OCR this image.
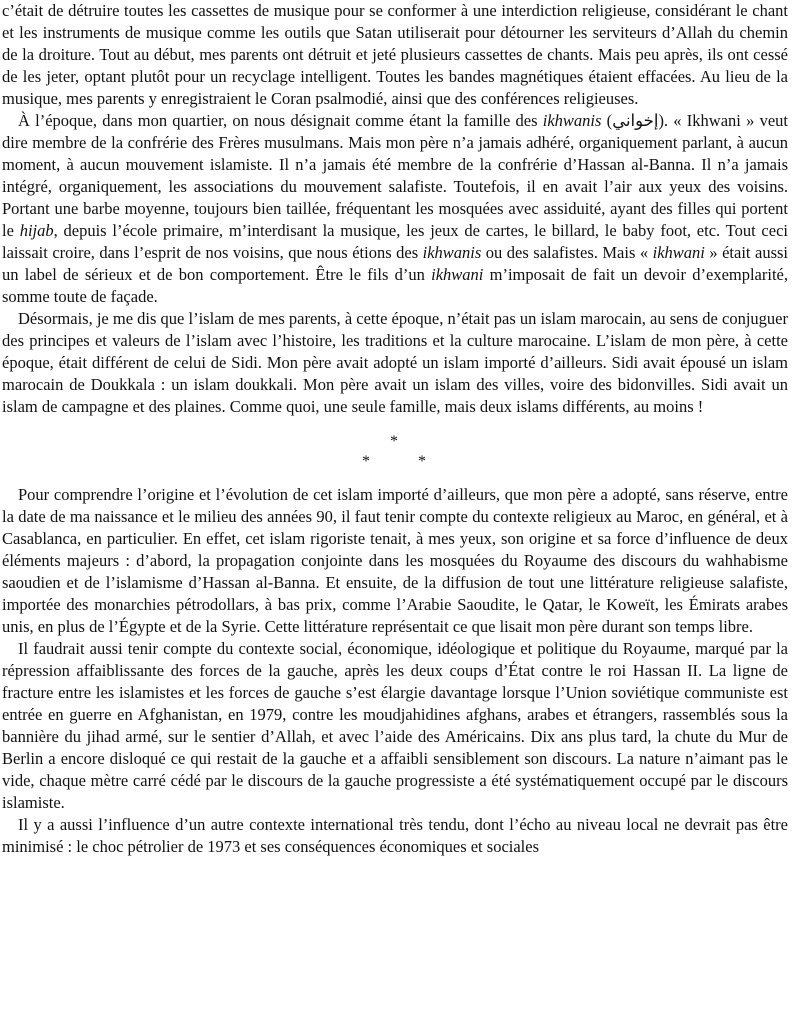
c’était de détruire toutes les cassettes de musique pour se conformer à une interdiction religieuse, considérant le chant et les instruments de musique comme les outils que Satan utiliserait pour détourner les serviteurs d’Allah du chemin de la droiture. Tout au début, mes parents ont détruit et jeté plusieurs cassettes de chants. Mais peu après, ils ont cessé de les jeter, optant plutôt pour un recyclage intelligent. Toutes les bandes magnétiques étaient effacées. Au lieu de la musique, mes parents y enregistraient le Coran psalmodié, ainsi que des conférences religieuses.

À l’époque, dans mon quartier, on nous désignait comme étant la famille des ikhwanis (إخواني). « Ikhwani » veut dire membre de la confrérie des Frères musulmans. Mais mon père n’a jamais adhéré, organiquement parlant, à aucun moment, à aucun mouvement islamiste. Il n’a jamais été membre de la confrérie d’Hassan al-Banna. Il n’a jamais intégré, organiquement, les associations du mouvement salafiste. Toutefois, il en avait l’air aux yeux des voisins. Portant une barbe moyenne, toujours bien taillée, fréquentant les mosquées avec assiduité, ayant des filles qui portent le hijab, depuis l’école primaire, m’interdisant la musique, les jeux de cartes, le billard, le baby foot, etc. Tout ceci laissait croire, dans l’esprit de nos voisins, que nous étions des ikhwanis ou des salafistes. Mais « ikhwani » était aussi un label de sérieux et de bon comportement. Être le fils d’un ikhwani m’imposait de fait un devoir d’exemplarité, somme toute de façade.

Désormais, je me dis que l’islam de mes parents, à cette époque, n’était pas un islam marocain, au sens de conjuguer des principes et valeurs de l’islam avec l’histoire, les traditions et la culture marocaine. L’islam de mon père, à cette époque, était différent de celui de Sidi. Mon père avait adopté un islam importé d’ailleurs. Sidi avait épousé un islam marocain de Doukkala : un islam doukkali. Mon père avait un islam des villes, voire des bidonvilles. Sidi avait un islam de campagne et des plaines. Comme quoi, une seule famille, mais deux islams différents, au moins !

*
*	*

Pour comprendre l’origine et l’évolution de cet islam importé d’ailleurs, que mon père a adopté, sans réserve, entre la date de ma naissance et le milieu des années 90, il faut tenir compte du contexte religieux au Maroc, en général, et à Casablanca, en particulier. En effet, cet islam rigoriste tenait, à mes yeux, son origine et sa force d’influence de deux éléments majeurs : d’abord, la propagation conjointe dans les mosquées du Royaume des discours du wahhabisme saoudien et de l’islamisme d’Hassan al-Banna. Et ensuite, de la diffusion de tout une littérature religieuse salafiste, importée des monarchies pétrodollars, à bas prix, comme l’Arabie Saoudite, le Qatar, le Koweït, les Émirats arabes unis, en plus de l’Égypte et de la Syrie. Cette littérature représentait ce que lisait mon père durant son temps libre.

Il faudrait aussi tenir compte du contexte social, économique, idéologique et politique du Royaume, marqué par la répression affaiblissante des forces de la gauche, après les deux coups d’État contre le roi Hassan II. La ligne de fracture entre les islamistes et les forces de gauche s’est élargie davantage lorsque l’Union soviétique communiste est entrée en guerre en Afghanistan, en 1979, contre les moudjahidines afghans, arabes et étrangers, rassemblés sous la bannière du jihad armé, sur le sentier d’Allah, et avec l’aide des Américains. Dix ans plus tard, la chute du Mur de Berlin a encore disloqué ce qui restait de la gauche et a affaibli sensiblement son discours. La nature n’aimant pas le vide, chaque mètre carré cédé par le discours de la gauche progressiste a été systématiquement occupé par le discours islamiste.

Il y a aussi l’influence d’un autre contexte international très tendu, dont l’écho au niveau local ne devrait pas être minimisé : le choc pétrolier de 1973 et ses conséquences économiques et sociales
